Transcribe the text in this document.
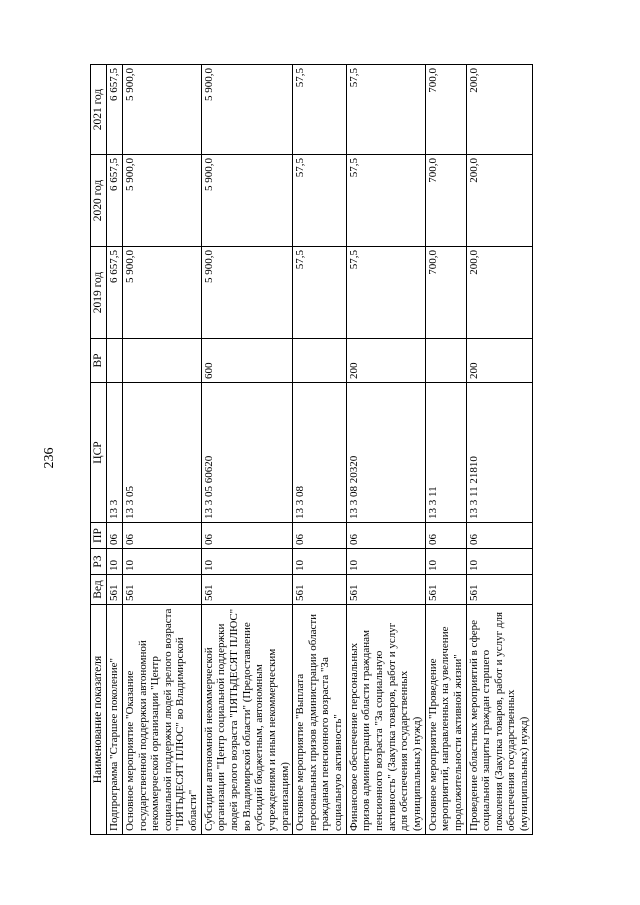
236
Наименование показателя	Вед	РЗ	ПР	ЦСР	ВР	2019 год	2020 год	2021 год
Подпрограмма "Старшее поколение"	561	10	06	13 3		6 657,5	6 657,5	6 657,5
Основное мероприятие "Оказание государственной поддержки автономной некоммерческой организации "Центр социальной поддержки людей зрелого возраста "ПЯТЬДЕСЯТ ПЛЮС" во Владимирской области"	561	10	06	13 3 05		5 900,0	5 900,0	5 900,0
Субсидии автономной некоммерческой организации "Центр социальной поддержки людей зрелого возраста "ПЯТЬДЕСЯТ ПЛЮС" во Владимирской области" (Предоставление субсидий бюджетным, автономным учреждениям и иным некоммерческим организациям)	561	10	06	13 3 05 60620	600	5 900,0	5 900,0	5 900,0
Основное мероприятие "Выплата персональных призов администрации области гражданам пенсионного возраста "За социальную активность"	561	10	06	13 3 08		57,5	57,5	57,5
Финансовое обеспечение персональных призов администрации области гражданам пенсионного возраста "За социальную активность" (Закупка товаров, работ и услуг для обеспечения государственных (муниципальных) нужд)	561	10	06	13 3 08 20320	200	57,5	57,5	57,5
Основное мероприятие "Проведение мероприятий, направленных на увеличение продолжительности активной жизни"	561	10	06	13 3 11		700,0	700,0	700,0
Проведение областных мероприятий в сфере социальной защиты граждан старшего поколения (Закупка товаров, работ и услуг для обеспечения государственных (муниципальных) нужд)	561	10	06	13 3 11 21810	200	200,0	200,0	200,0
